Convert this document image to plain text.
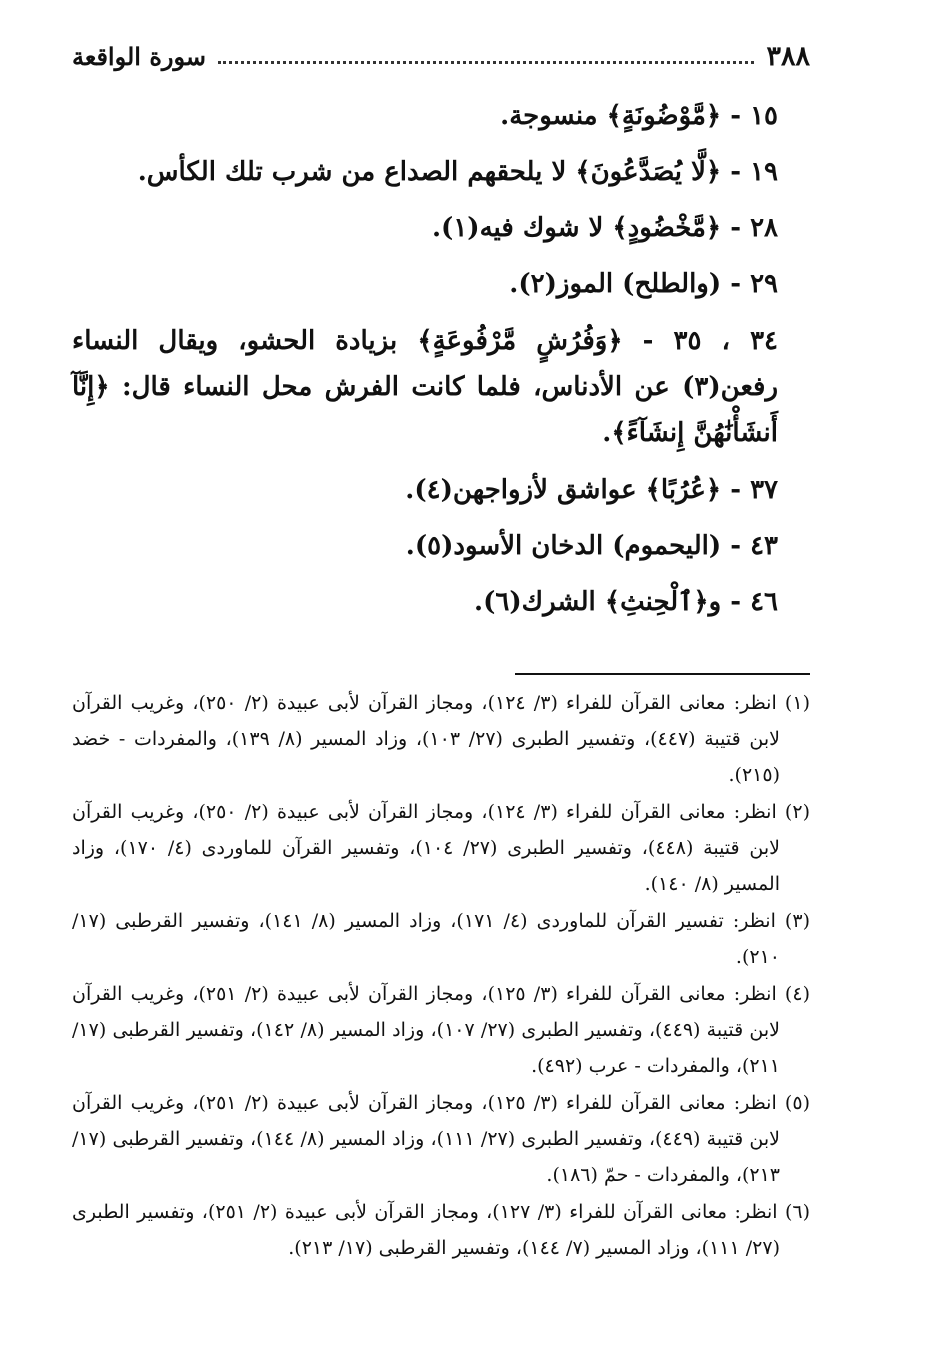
٣٨٨
سورة الواقعة

١٥ - ﴿مَّوْضُونَةٍ﴾ منسوجة.

١٩ - ﴿لَّا يُصَدَّعُونَ﴾ لا يلحقهم الصداع من شرب تلك الكأس.

٢٨ - ﴿مَّخْضُودٍ﴾ لا شوك فيه(١).

٢٩ - (والطلح) الموز(٢).

٣٤ ، ٣٥ - ﴿وَفُرُشٍ مَّرْفُوعَةٍ﴾ بزيادة الحشو، ويقال النساء رفعن(٣) عن الأدناس، فلما كانت الفرش محل النساء قال: ﴿إِنَّآ أَنشَأْنَٰهُنَّ إِنشَآءً﴾.

٣٧ - ﴿عُرُبًا﴾ عواشق لأزواجهن(٤).

٤٣ - (اليحموم) الدخان الأسود(٥).

٤٦ - و﴿ٱلْحِنثِ﴾ الشرك(٦).

(١) انظر: معانى القرآن للفراء (٣/ ١٢٤)، ومجاز القرآن لأبى عبيدة (٢/ ٢٥٠)، وغريب القرآن لابن قتيبة (٤٤٧)، وتفسير الطبرى (٢٧/ ١٠٣)، وزاد المسير (٨/ ١٣٩)، والمفردات - خضد (٢١٥).

(٢) انظر: معانى القرآن للفراء (٣/ ١٢٤)، ومجاز القرآن لأبى عبيدة (٢/ ٢٥٠)، وغريب القرآن لابن قتيبة (٤٤٨)، وتفسير الطبرى (٢٧/ ١٠٤)، وتفسير القرآن للماوردى (٤/ ١٧٠)، وزاد المسير (٨/ ١٤٠).

(٣) انظر: تفسير القرآن للماوردى (٤/ ١٧١)، وزاد المسير (٨/ ١٤١)، وتفسير القرطبى (١٧/ ٢١٠).

(٤) انظر: معانى القرآن للفراء (٣/ ١٢٥)، ومجاز القرآن لأبى عبيدة (٢/ ٢٥١)، وغريب القرآن لابن قتيبة (٤٤٩)، وتفسير الطبرى (٢٧/ ١٠٧)، وزاد المسير (٨/ ١٤٢)، وتفسير القرطبى (١٧/ ٢١١)، والمفردات - عرب (٤٩٢).

(٥) انظر: معانى القرآن للفراء (٣/ ١٢٥)، ومجاز القرآن لأبى عبيدة (٢/ ٢٥١)، وغريب القرآن لابن قتيبة (٤٤٩)، وتفسير الطبرى (٢٧/ ١١١)، وزاد المسير (٨/ ١٤٤)، وتفسير القرطبى (١٧/ ٢١٣)، والمفردات - حمّ (١٨٦).

(٦) انظر: معانى القرآن للفراء (٣/ ١٢٧)، ومجاز القرآن لأبى عبيدة (٢/ ٢٥١)، وتفسير الطبرى (٢٧/ ١١١)، وزاد المسير (٧/ ١٤٤)، وتفسير القرطبى (١٧/ ٢١٣).
